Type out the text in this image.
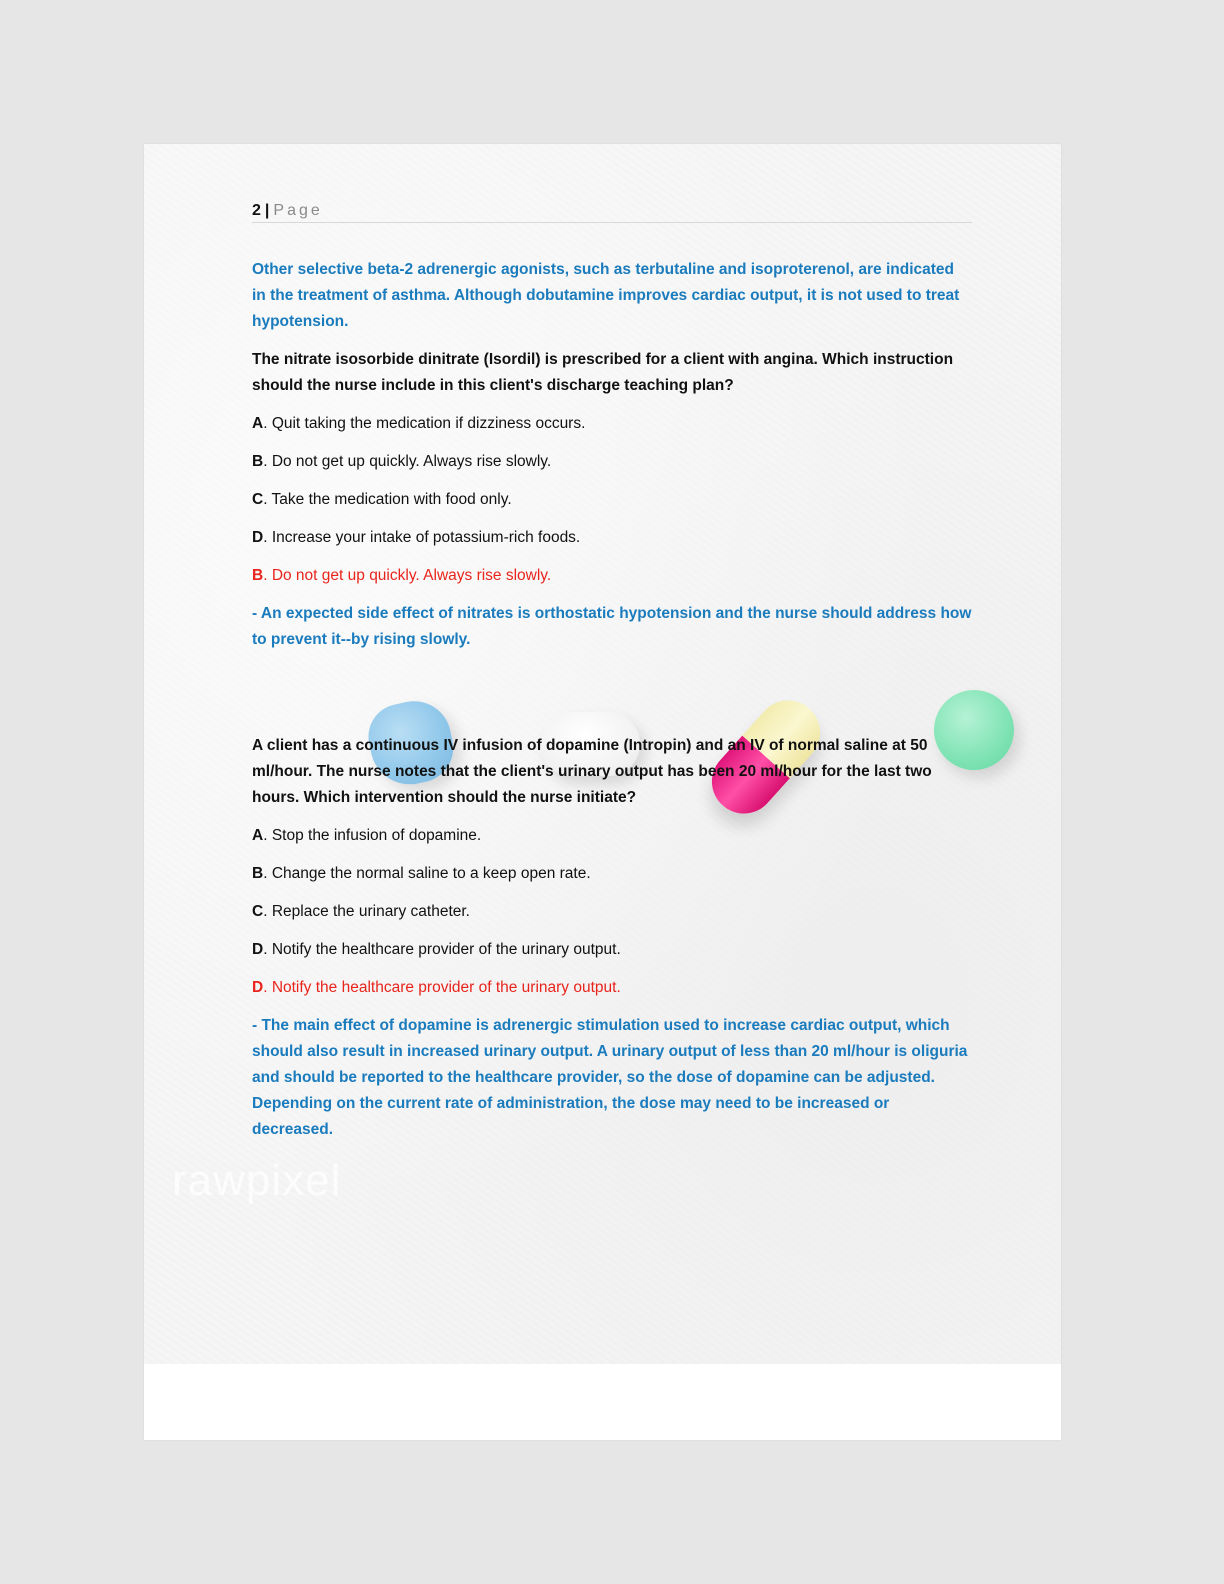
rawpixel
2 | Page

Other selective beta-2 adrenergic agonists, such as terbutaline and isoproterenol, are indicated in the treatment of asthma. Although dobutamine improves cardiac output, it is not used to treat hypotension.

The nitrate isosorbide dinitrate (Isordil) is prescribed for a client with angina. Which instruction should the nurse include in this client's discharge teaching plan?

A. Quit taking the medication if dizziness occurs.

B. Do not get up quickly. Always rise slowly.

C. Take the medication with food only.

D. Increase your intake of potassium-rich foods.

B. Do not get up quickly. Always rise slowly.

- An expected side effect of nitrates is orthostatic hypotension and the nurse should address how to prevent it--by rising slowly.

A client has a continuous IV infusion of dopamine (Intropin) and an IV of normal saline at 50 ml/hour. The nurse notes that the client's urinary output has been 20 ml/hour for the last two hours. Which intervention should the nurse initiate?

A. Stop the infusion of dopamine.

B. Change the normal saline to a keep open rate.

C. Replace the urinary catheter.

D. Notify the healthcare provider of the urinary output.

D. Notify the healthcare provider of the urinary output.

- The main effect of dopamine is adrenergic stimulation used to increase cardiac output, which should also result in increased urinary output. A urinary output of less than 20 ml/hour is oliguria and should be reported to the healthcare provider, so the dose of dopamine can be adjusted. Depending on the current rate of administration, the dose may need to be increased or decreased.
